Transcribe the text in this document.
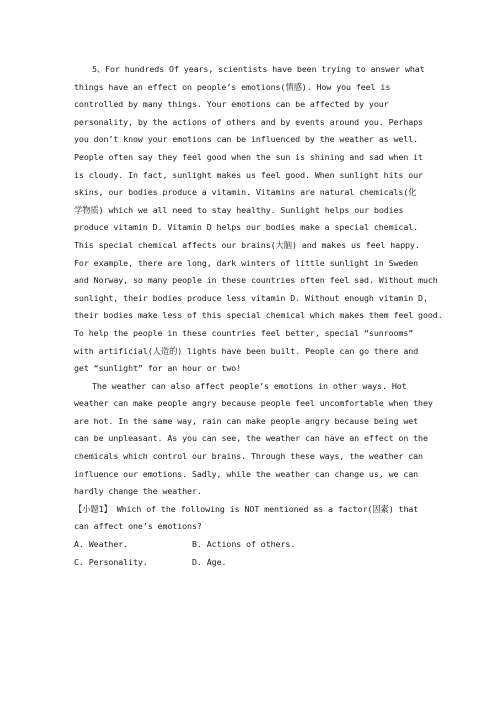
5、For hundreds Of years, scientists have been trying to answer what
things have an effect on people’s emotions(情感). How you feel is
controlled by many things. Your emotions can be affected by your
personality, by the actions of others and by events around you. Perhaps
you don’t know your emotions can be influenced by the weather as well.
People often say they feel good when the sun is shining and sad when it
is cloudy. In fact, sunlight makes us feel good. When sunlight hits our
skins, our bodies produce a vitamin. Vitamins are natural chemicals(化
学物质) which we all need to stay healthy. Sunlight helps our bodies
produce vitamin D. Vitamin D helps our bodies make a special chemical.
This special chemical affects our brains(大脑) and makes us feel happy.
For example, there are long, dark winters of little sunlight in Sweden
and Norway, so many people in these countries often feel sad. Without much
sunlight, their bodies produce less vitamin D. Without enough vitamin D,
their bodies make less of this special chemical which makes them feel good.
To help the people in these countries feel better, special “sunrooms”
with artificial(人造的) lights have been built. People can go there and
get “sunlight” for an hour or two!
The weather can also affect people’s emotions in other ways. Hot
weather can make people angry because people feel uncomfortable when they
are hot. In the same way, rain can make people angry because being wet
can be unpleasant. As you can see, the weather can have an effect on the
chemicals which control our brains. Through these ways, the weather can
influence our emotions. Sadly, while the weather can change us, we can
hardly change the weather.
【小题1】 Which of the following is NOT mentioned as a factor(因素) that
can affect one’s emotions?
A. Weather.	B. Actions of others.
C. Personality.	D. Age.
